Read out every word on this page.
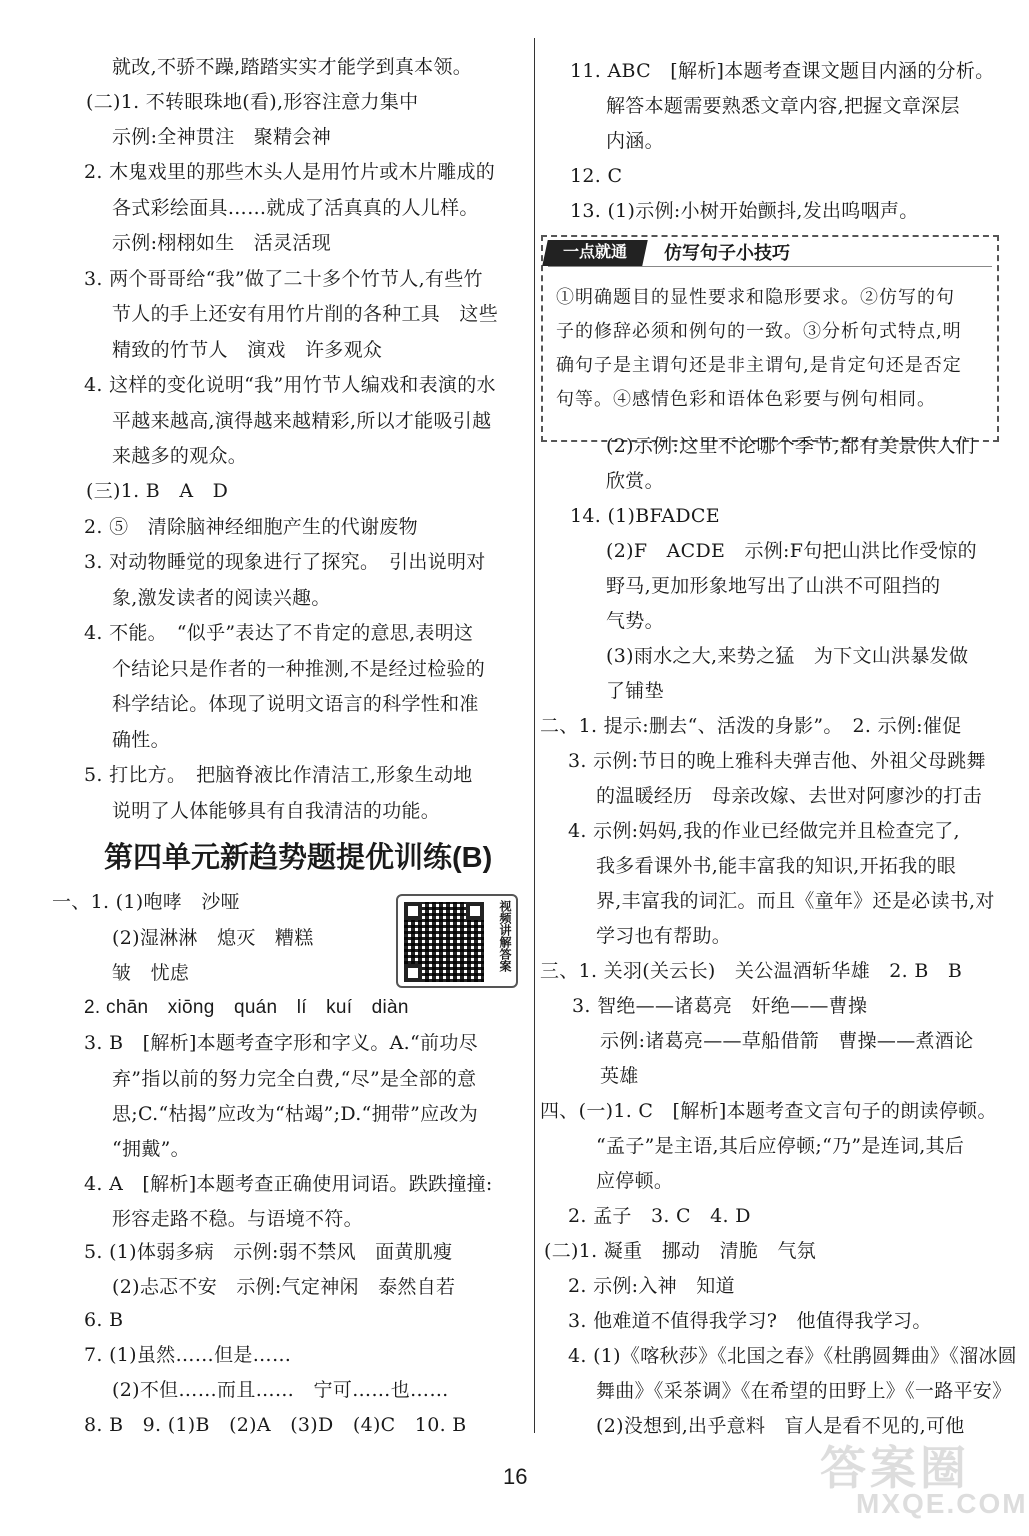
就改,不骄不躁,踏踏实实才能学到真本领。
(二)1. 不转眼珠地(看),形容注意力集中
示例:全神贯注　聚精会神
2. 木鬼戏里的那些木头人是用竹片或木片雕成的
各式彩绘面具……就成了活真真的人儿样。
示例:栩栩如生　活灵活现
3. 两个哥哥给“我”做了二十多个竹节人,有些竹
节人的手上还安有用竹片削的各种工具　这些
精致的竹节人　演戏　许多观众
4. 这样的变化说明“我”用竹节人编戏和表演的水
平越来越高,演得越来越精彩,所以才能吸引越
来越多的观众。
(三)1. B　A　D
2. ⑤　清除脑神经细胞产生的代谢废物
3. 对动物睡觉的现象进行了探究。　引出说明对
象,激发读者的阅读兴趣。
4. 不能。　“似乎”表达了不肯定的意思,表明这
个结论只是作者的一种推测,不是经过检验的
科学结论。体现了说明文语言的科学性和准
确性。
5. 打比方。　把脑脊液比作清洁工,形象生动地
说明了人体能够具有自我清洁的功能。
第四单元新趋势题提优训练(B)
一、1. (1)咆哮　沙哑
(2)湿淋淋　熄灭　糟糕
皱　忧虑
2. chān　xiōng　quán　lí　kuí　diàn
3. B　[解析]本题考查字形和字义。A.“前功尽
弃”指以前的努力完全白费,“尽”是全部的意
思;C.“枯揭”应改为“枯竭”;D.“拥带”应改为
“拥戴”。
4. A　[解析]本题考查正确使用词语。跌跌撞撞:
形容走路不稳。与语境不符。
5. (1)体弱多病　示例:弱不禁风　面黄肌瘦
(2)忐忑不安　示例:气定神闲　泰然自若
6. B
7. (1)虽然……但是……
(2)不但……而且……　宁可……也……
8. B　9. (1)B　(2)A　(3)D　(4)C　10. B
视频讲解答案
11. ABC　[解析]本题考查课文题目内涵的分析。
解答本题需要熟悉文章内容,把握文章深层
内涵。
12. C
13. (1)示例:小树开始颤抖,发出呜咽声。
一点就通	仿写句子小技巧
①明确题目的显性要求和隐形要求。②仿写的句
子的修辞必须和例句的一致。③分析句式特点,明
确句子是主谓句还是非主谓句,是肯定句还是否定
句等。④感情色彩和语体色彩要与例句相同。
(2)示例:这里不论哪个季节,都有美景供人们
欣赏。
14. (1)BFADCE
(2)F　ACDE　示例:F句把山洪比作受惊的
野马,更加形象地写出了山洪不可阻挡的
气势。
(3)雨水之大,来势之猛　为下文山洪暴发做
了铺垫
二、1. 提示:删去“、活泼的身影”。　2. 示例:催促
3. 示例:节日的晚上雅科夫弹吉他、外祖父母跳舞
的温暖经历　母亲改嫁、去世对阿廖沙的打击
4. 示例:妈妈,我的作业已经做完并且检查完了,
我多看课外书,能丰富我的知识,开拓我的眼
界,丰富我的词汇。而且《童年》还是必读书,对
学习也有帮助。
三、1. 关羽(关云长)　关公温酒斩华雄　2. B　B
3. 智绝——诸葛亮　奸绝——曹操
示例:诸葛亮——草船借箭　曹操——煮酒论
英雄
四、(一)1. C　[解析]本题考查文言句子的朗读停顿。
“孟子”是主语,其后应停顿;“乃”是连词,其后
应停顿。
2. 孟子　3. C　4. D
(二)1. 凝重　挪动　清脆　气氛
2. 示例:入神　知道
3. 他难道不值得我学习?　他值得我学习。
4. (1)《喀秋莎》《北国之春》《杜鹃圆舞曲》《溜冰圆
舞曲》《采茶调》《在希望的田野上》《一路平安》
(2)没想到,出乎意料　盲人是看不见的,可他
16	答案圈
MXQE.COM
